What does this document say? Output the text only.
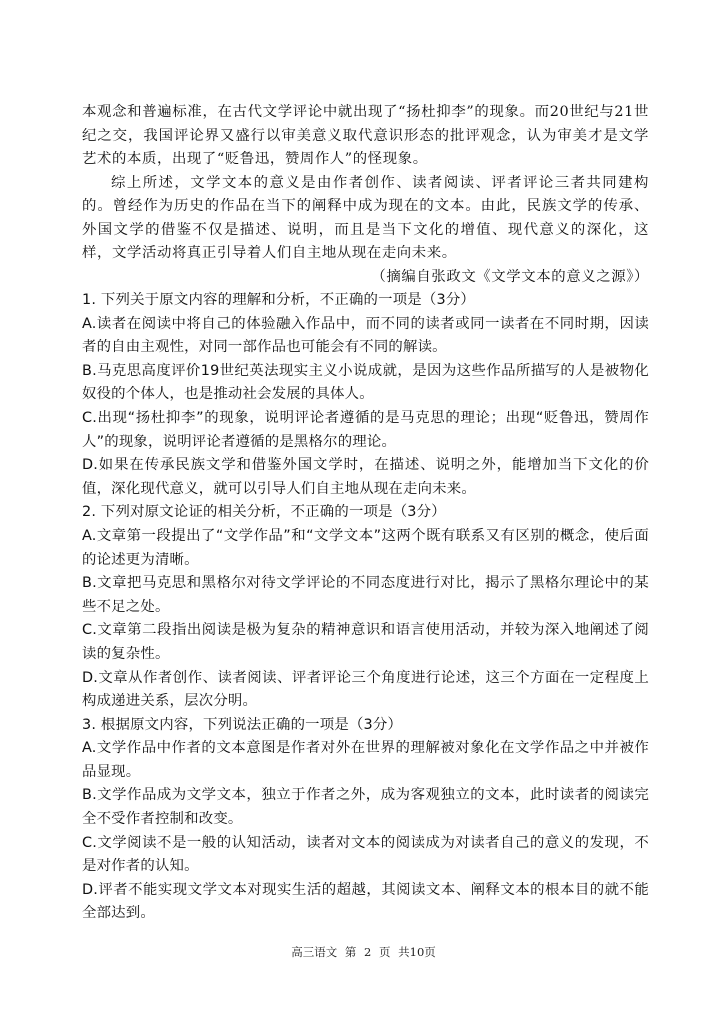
本观念和普遍标准，在古代文学评论中就出现了“扬杜抑李”的现象。而20世纪与21世纪之交，我国评论界又盛行以审美意义取代意识形态的批评观念，认为审美才是文学艺术的本质，出现了“贬鲁迅，赞周作人”的怪现象。

综上所述，文学文本的意义是由作者创作、读者阅读、评者评论三者共同建构的。曾经作为历史的作品在当下的阐释中成为现在的文本。由此，民族文学的传承、外国文学的借鉴不仅是描述、说明，而且是当下文化的增值、现代意义的深化，这样，文学活动将真正引导着人们自主地从现在走向未来。

（摘编自张政文《文学文本的意义之源》）

1. 下列关于原文内容的理解和分析，不正确的一项是（3分）

A.读者在阅读中将自己的体验融入作品中，而不同的读者或同一读者在不同时期，因读者的自由主观性，对同一部作品也可能会有不同的解读。

B.马克思高度评价19世纪英法现实主义小说成就，是因为这些作品所描写的人是被物化奴役的个体人，也是推动社会发展的具体人。

C.出现“扬杜抑李”的现象，说明评论者遵循的是马克思的理论；出现“贬鲁迅，赞周作人”的现象，说明评论者遵循的是黑格尔的理论。

D.如果在传承民族文学和借鉴外国文学时，在描述、说明之外，能增加当下文化的价值，深化现代意义，就可以引导人们自主地从现在走向未来。

2. 下列对原文论证的相关分析，不正确的一项是（3分）

A.文章第一段提出了“文学作品”和“文学文本”这两个既有联系又有区别的概念，使后面的论述更为清晰。

B.文章把马克思和黑格尔对待文学评论的不同态度进行对比，揭示了黑格尔理论中的某些不足之处。

C.文章第二段指出阅读是极为复杂的精神意识和语言使用活动，并较为深入地阐述了阅读的复杂性。

D.文章从作者创作、读者阅读、评者评论三个角度进行论述，这三个方面在一定程度上构成递进关系，层次分明。

3. 根据原文内容，下列说法正确的一项是（3分）

A.文学作品中作者的文本意图是作者对外在世界的理解被对象化在文学作品之中并被作品显现。

B.文学作品成为文学文本，独立于作者之外，成为客观独立的文本，此时读者的阅读完全不受作者控制和改变。

C.文学阅读不是一般的认知活动，读者对文本的阅读成为对读者自己的意义的发现，不是对作者的认知。

D.评者不能实现文学文本对现实生活的超越，其阅读文本、阐释文本的根本目的就不能全部达到。

高三语文 第 2 页 共10页
